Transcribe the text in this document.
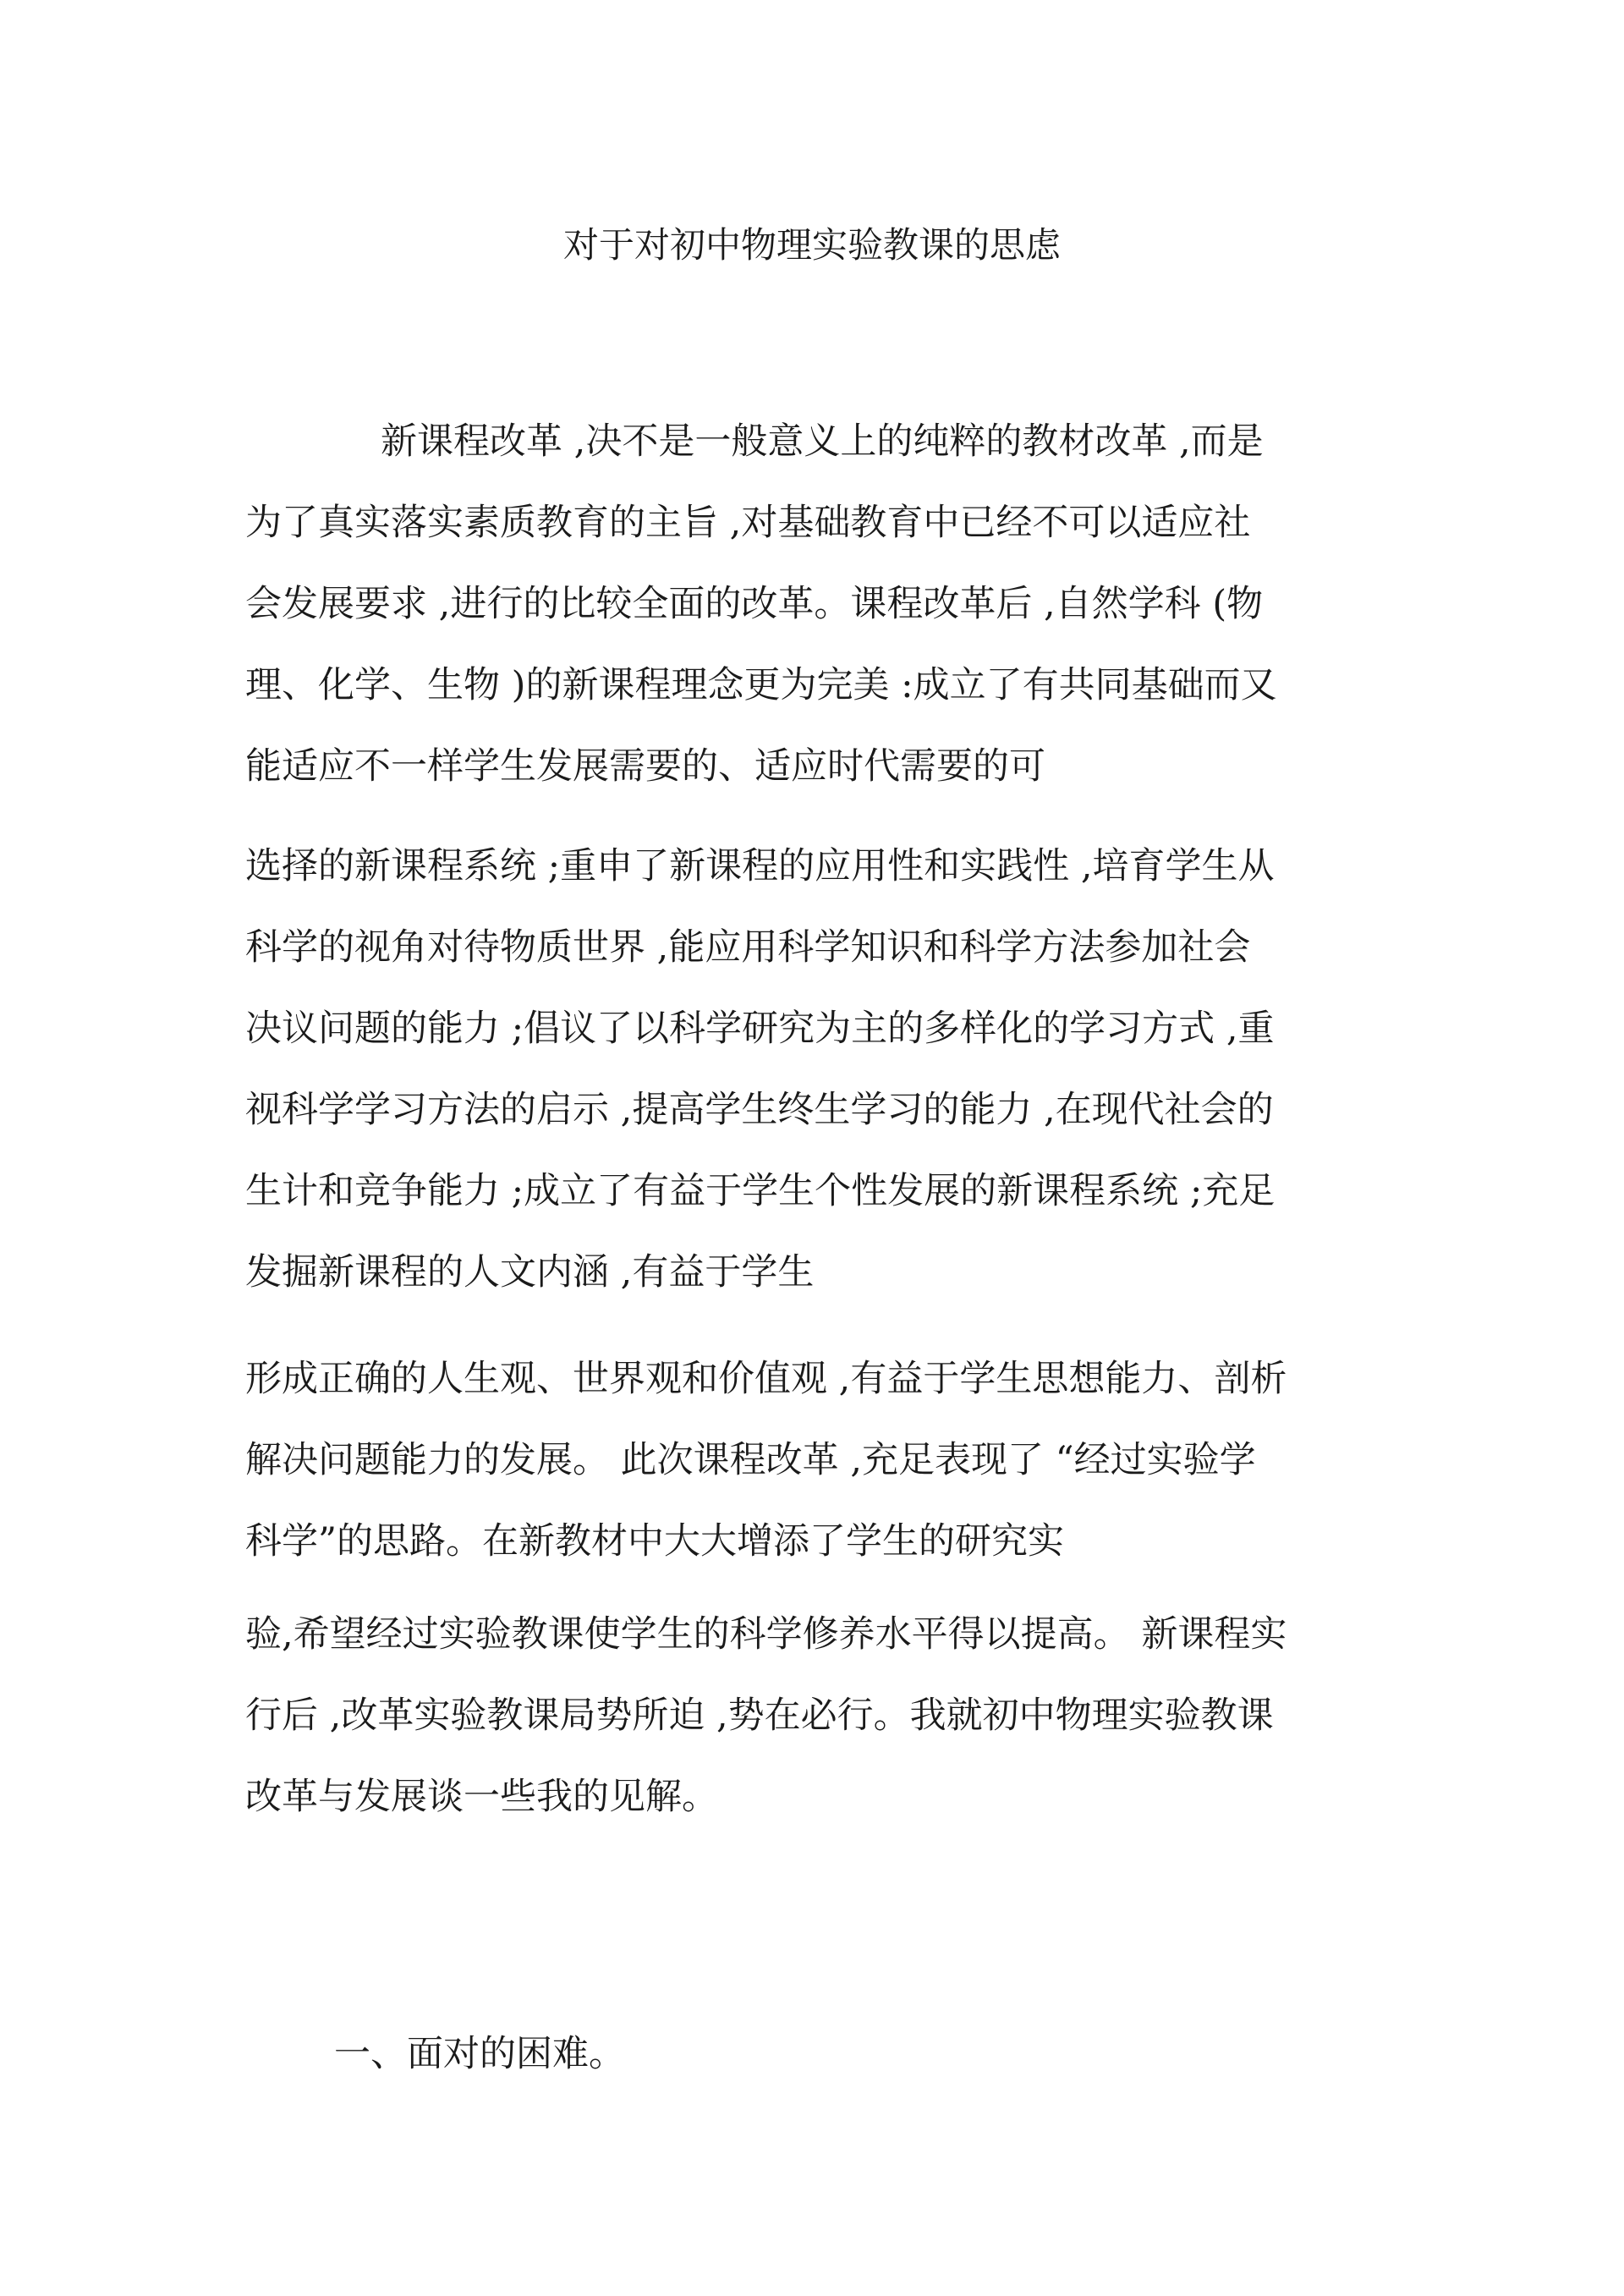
对于对初中物理实验教课的思虑
新课程改革 ,决不是一般意义上的纯粹的教材改革 ,而是
为了真实落实素质教育的主旨 ,对基础教育中已经不可以适应社
会发展要求 ,进行的比较全面的改革。课程改革后 ,自然学科 (物
理、化学、生物 )的新课程理念更为完美 :成立了有共同基础而又
能适应不一样学生发展需要的、适应时代需要的可
选择的新课程系统 ;重申了新课程的应用性和实践性 ,培育学生从
科学的视角对待物质世界 ,能应用科学知识和科学方法参加社会
决议问题的能力 ;倡议了以科学研究为主的多样化的学习方式 ,重
视科学学习方法的启示 ,提高学生终生学习的能力 ,在现代社会的
生计和竞争能力 ;成立了有益于学生个性发展的新课程系统 ;充足
发掘新课程的人文内涵 ,有益于学生
形成正确的人生观、世界观和价值观 ,有益于学生思想能力、剖析
解决问题能力的发展。 此次课程改革 ,充足表现了 “经过实验学
科学”的思路。在新教材中大大增添了学生的研究实
验,希望经过实验教课使学生的科学修养水平得以提高。 新课程实
行后 ,改革实验教课局势所迫 ,势在必行。我就初中物理实验教课
改革与发展谈一些我的见解。
一、面对的困难。
